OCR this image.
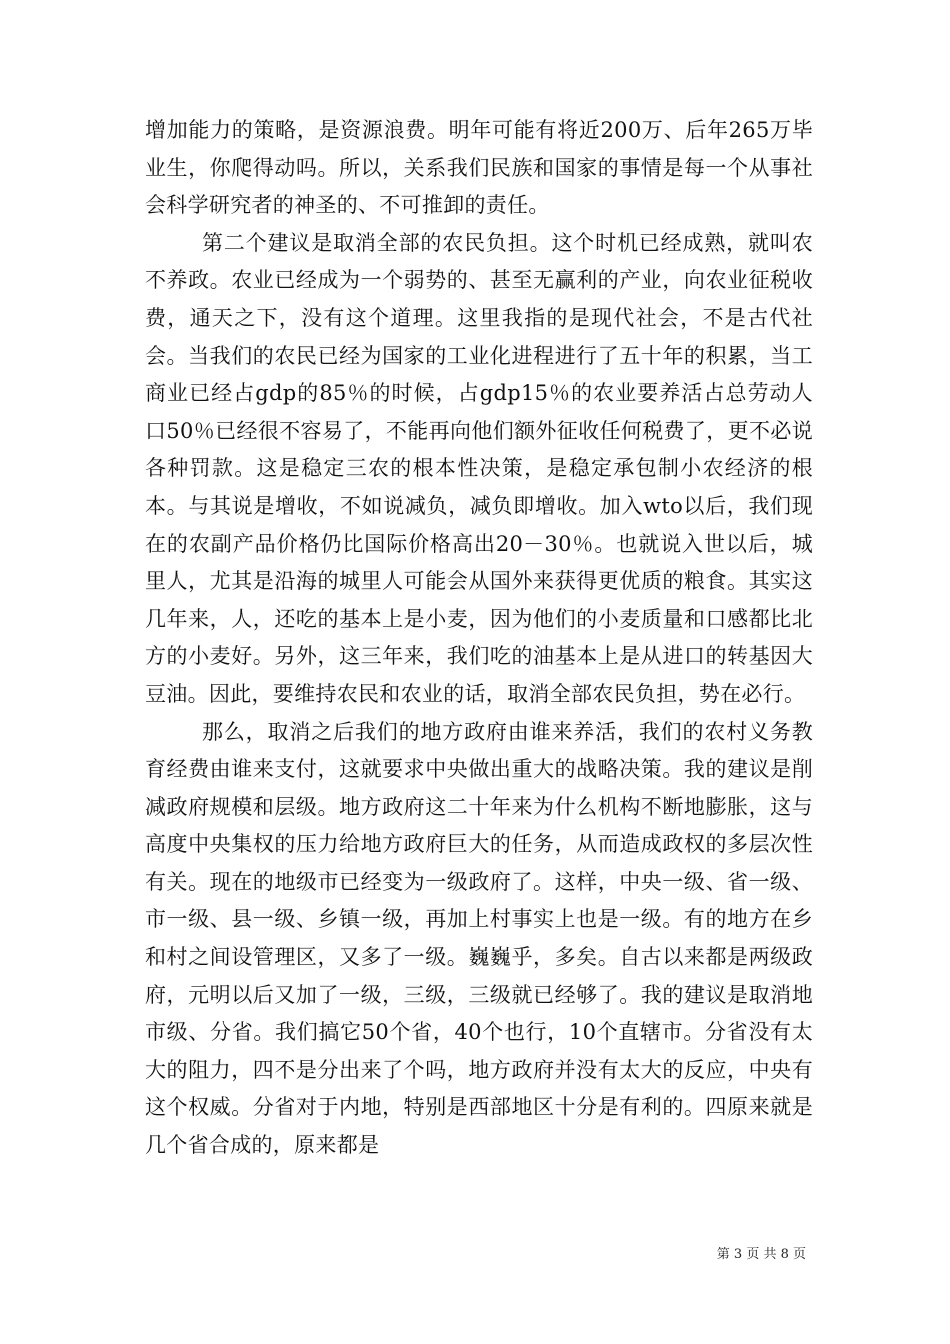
增加能力的策略，是资源浪费。明年可能有将近200万、后年265万毕业生，你爬得动吗。所以，关系我们民族和国家的事情是每一个从事社会科学研究者的神圣的、不可推卸的责任。

第二个建议是取消全部的农民负担。这个时机已经成熟，就叫农不养政。农业已经成为一个弱势的、甚至无赢利的产业，向农业征税收费，通天之下，没有这个道理。这里我指的是现代社会，不是古代社会。当我们的农民已经为国家的工业化进程进行了五十年的积累，当工商业已经占gdp的85％的时候，占gdp15％的农业要养活占总劳动人口50％已经很不容易了，不能再向他们额外征收任何税费了，更不必说各种罚款。这是稳定三农的根本性决策，是稳定承包制小农经济的根本。与其说是增收，不如说减负，减负即增收。加入wto以后，我们现在的农副产品价格仍比国际价格高出20－30％。也就说入世以后，城里人，尤其是沿海的城里人可能会从国外来获得更优质的粮食。其实这几年来，人，还吃的基本上是小麦，因为他们的小麦质量和口感都比北方的小麦好。另外，这三年来，我们吃的油基本上是从进口的转基因大豆油。因此，要维持农民和农业的话，取消全部农民负担，势在必行。

那么，取消之后我们的地方政府由谁来养活，我们的农村义务教育经费由谁来支付，这就要求中央做出重大的战略决策。我的建议是削减政府规模和层级。地方政府这二十年来为什么机构不断地膨胀，这与高度中央集权的压力给地方政府巨大的任务，从而造成政权的多层次性有关。现在的地级市已经变为一级政府了。这样，中央一级、省一级、市一级、县一级、乡镇一级，再加上村事实上也是一级。有的地方在乡和村之间设管理区，又多了一级。巍巍乎，多矣。自古以来都是两级政府，元明以后又加了一级，三级，三级就已经够了。我的建议是取消地市级、分省。我们搞它50个省，40个也行，10个直辖市。分省没有太大的阻力，四不是分出来了个吗，地方政府并没有太大的反应，中央有这个权威。分省对于内地，特别是西部地区十分是有利的。四原来就是几个省合成的，原来都是

第 3 页 共 8 页
